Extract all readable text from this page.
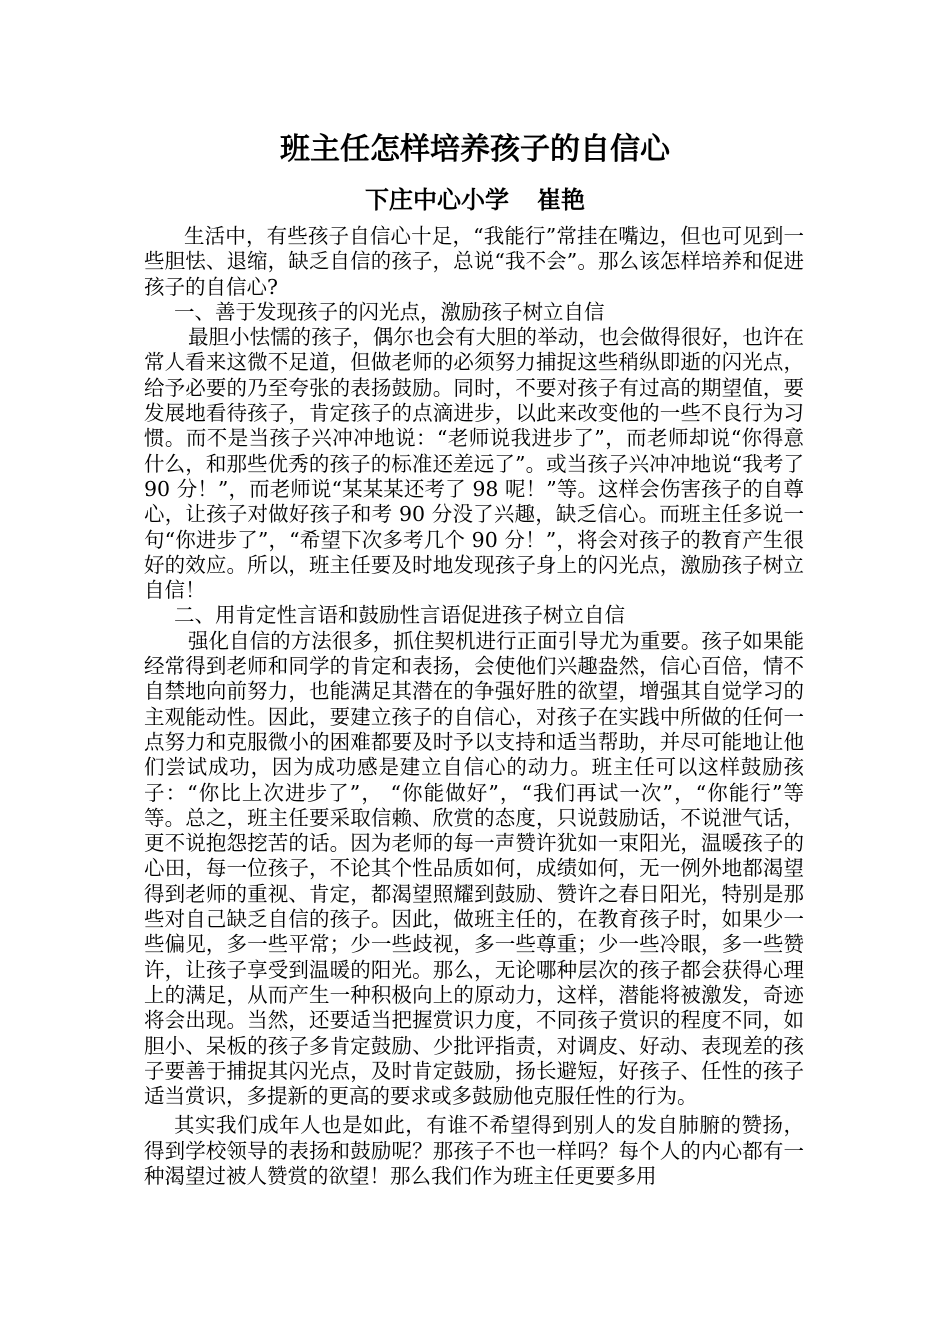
班主任怎样培养孩子的自信心
下庄中心小学 崔艳

生活中，有些孩子自信心十足，“我能行”常挂在嘴边，但也可见到一些胆怯、退缩，缺乏自信的孩子，总说“我不会”。那么该怎样培养和促进孩子的自信心?

一、善于发现孩子的闪光点，激励孩子树立自信

最胆小怯懦的孩子，偶尔也会有大胆的举动，也会做得很好，也许在常人看来这微不足道，但做老师的必须努力捕捉这些稍纵即逝的闪光点，给予必要的乃至夸张的表扬鼓励。同时，不要对孩子有过高的期望值，要发展地看待孩子，肯定孩子的点滴进步，以此来改变他的一些不良行为习惯。而不是当孩子兴冲冲地说：“老师说我进步了”，而老师却说“你得意什么，和那些优秀的孩子的标准还差远了”。或当孩子兴冲冲地说“我考了 90 分！”，而老师说“某某某还考了 98 呢！”等。这样会伤害孩子的自尊心，让孩子对做好孩子和考 90 分没了兴趣，缺乏信心。而班主任多说一句“你进步了”，“希望下次多考几个 90 分！”，将会对孩子的教育产生很好的效应。所以，班主任要及时地发现孩子身上的闪光点，激励孩子树立自信！

二、用肯定性言语和鼓励性言语促进孩子树立自信

强化自信的方法很多，抓住契机进行正面引导尤为重要。孩子如果能经常得到老师和同学的肯定和表扬，会使他们兴趣盎然，信心百倍，情不自禁地向前努力，也能满足其潜在的争强好胜的欲望，增强其自觉学习的主观能动性。因此，要建立孩子的自信心，对孩子在实践中所做的任何一点努力和克服微小的困难都要及时予以支持和适当帮助，并尽可能地让他们尝试成功，因为成功感是建立自信心的动力。班主任可以这样鼓励孩子：“你比上次进步了”， “你能做好”，“我们再试一次”，“你能行”等等。总之，班主任要采取信赖、欣赏的态度，只说鼓励话，不说泄气话，更不说抱怨挖苦的话。因为老师的每一声赞许犹如一束阳光，温暖孩子的心田，每一位孩子，不论其个性品质如何，成绩如何，无一例外地都渴望得到老师的重视、肯定，都渴望照耀到鼓励、赞许之春日阳光，特别是那些对自己缺乏自信的孩子。因此，做班主任的，在教育孩子时，如果少一些偏见，多一些平常；少一些歧视，多一些尊重；少一些冷眼，多一些赞许，让孩子享受到温暖的阳光。那么，无论哪种层次的孩子都会获得心理上的满足，从而产生一种积极向上的原动力，这样，潜能将被激发，奇迹将会出现。当然，还要适当把握赏识力度，不同孩子赏识的程度不同，如胆小、呆板的孩子多肯定鼓励、少批评指责，对调皮、好动、表现差的孩子要善于捕捉其闪光点，及时肯定鼓励，扬长避短，好孩子、任性的孩子适当赏识，多提新的更高的要求或多鼓励他克服任性的行为。

其实我们成年人也是如此，有谁不希望得到别人的发自肺腑的赞扬，得到学校领导的表扬和鼓励呢？那孩子不也一样吗？每个人的内心都有一种渴望过被人赞赏的欲望！那么我们作为班主任更要多用
